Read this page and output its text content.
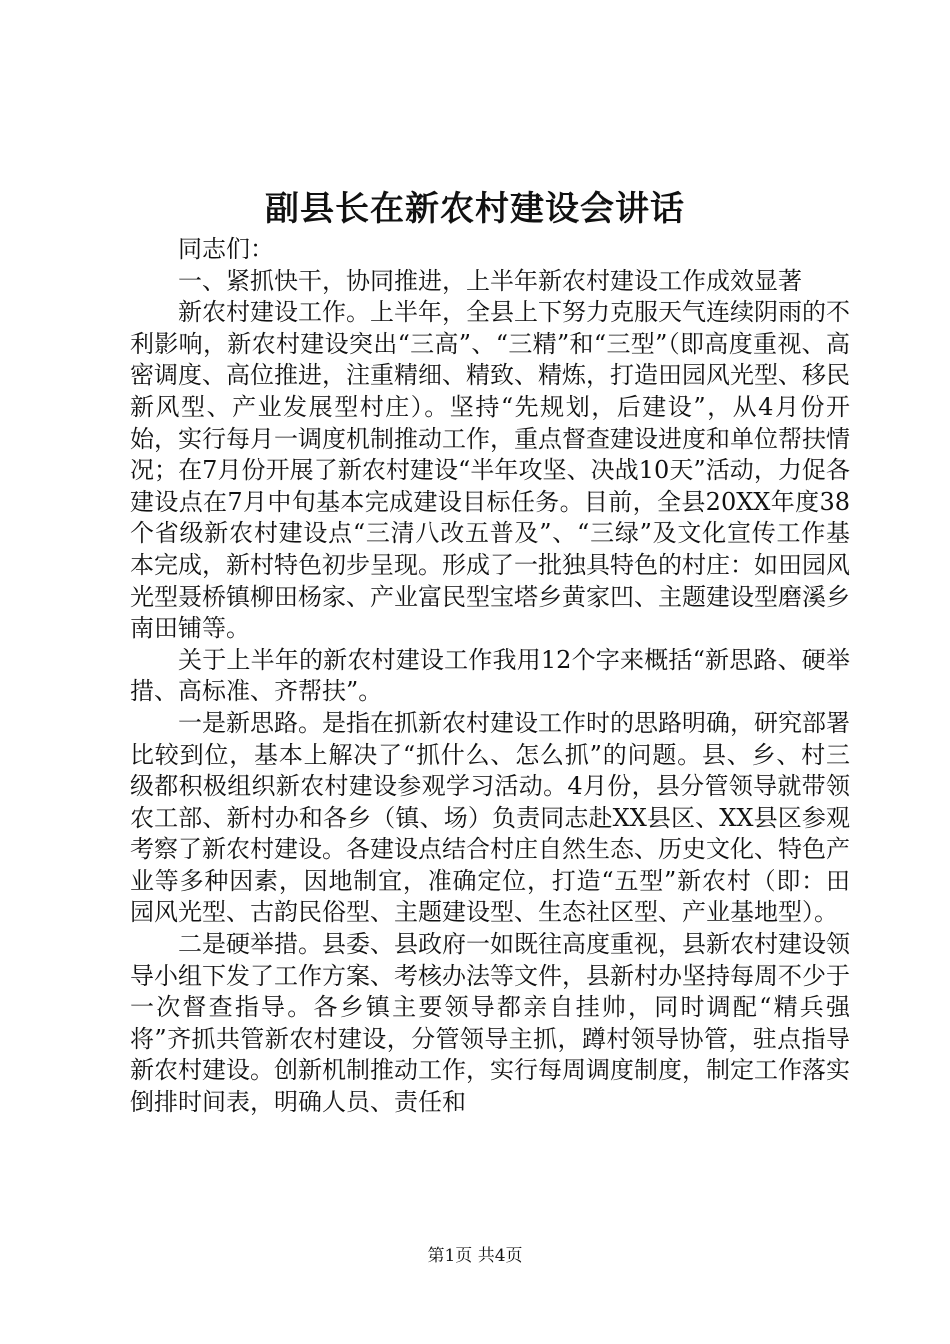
副县长在新农村建设会讲话

同志们：

一、紧抓快干，协同推进，上半年新农村建设工作成效显著

新农村建设工作。上半年，全县上下努力克服天气连续阴雨的不利影响，新农村建设突出“三高”、“三精”和“三型”（即高度重视、高密调度、高位推进，注重精细、精致、精炼，打造田园风光型、移民新风型、产业发展型村庄）。坚持“先规划，后建设”，从4月份开始，实行每月一调度机制推动工作，重点督查建设进度和单位帮扶情况；在7月份开展了新农村建设“半年攻坚、决战10天”活动，力促各建设点在7月中旬基本完成建设目标任务。目前，全县20XX年度38个省级新农村建设点“三清八改五普及”、“三绿”及文化宣传工作基本完成，新村特色初步呈现。形成了一批独具特色的村庄：如田园风光型聂桥镇柳田杨家、产业富民型宝塔乡黄家凹、主题建设型磨溪乡南田铺等。

关于上半年的新农村建设工作我用12个字来概括“新思路、硬举措、高标准、齐帮扶”。

一是新思路。是指在抓新农村建设工作时的思路明确，研究部署比较到位，基本上解决了“抓什么、怎么抓”的问题。县、乡、村三级都积极组织新农村建设参观学习活动。4月份，县分管领导就带领农工部、新村办和各乡（镇、场）负责同志赴XX县区、XX县区参观考察了新农村建设。各建设点结合村庄自然生态、历史文化、特色产业等多种因素，因地制宜，准确定位，打造“五型”新农村（即：田园风光型、古韵民俗型、主题建设型、生态社区型、产业基地型）。

二是硬举措。县委、县政府一如既往高度重视，县新农村建设领导小组下发了工作方案、考核办法等文件，县新村办坚持每周不少于一次督查指导。各乡镇主要领导都亲自挂帅，同时调配“精兵强将”齐抓共管新农村建设，分管领导主抓，蹲村领导协管，驻点指导新农村建设。创新机制推动工作，实行每周调度制度，制定工作落实倒排时间表，明确人员、责任和

第1页 共4页
